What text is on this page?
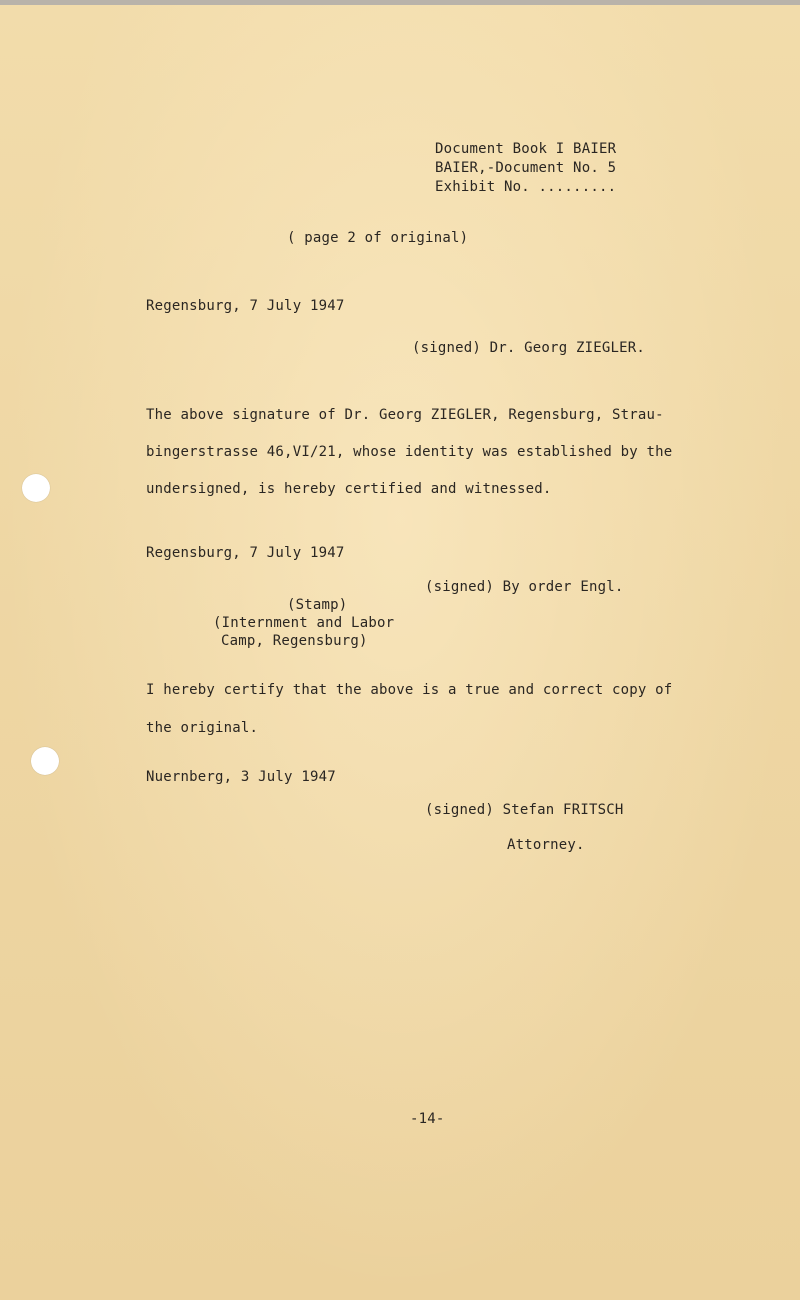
Document Book I BAIER
BAIER,-Document No. 5
Exhibit No. .........
( page 2 of original)
Regensburg, 7 July 1947
(signed) Dr. Georg ZIEGLER.
The above signature of Dr. Georg ZIEGLER, Regensburg, Strau-
bingerstrasse 46,VI/21, whose identity was established by the
undersigned, is hereby certified and witnessed.
Regensburg, 7 July 1947
(signed) By order Engl.
(Stamp)
(Internment and Labor
Camp, Regensburg)
I hereby certify that the above is a true and correct copy of
the original.
Nuernberg, 3 July 1947
(signed) Stefan FRITSCH
Attorney.
-14-
